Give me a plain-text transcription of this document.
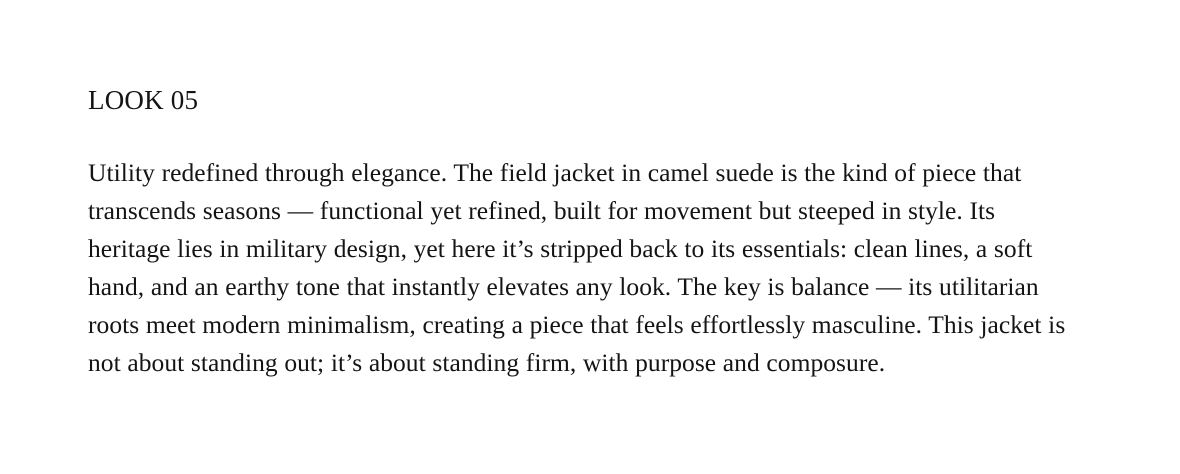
LOOK 05

Utility redefined through elegance. The field jacket in camel suede is the kind of piece that transcends seasons — functional yet refined, built for movement but steeped in style. Its heritage lies in military design, yet here it’s stripped back to its essentials: clean lines, a soft hand, and an earthy tone that instantly elevates any look. The key is balance — its utilitarian roots meet modern minimalism, creating a piece that feels effortlessly masculine. This jacket is not about standing out; it’s about standing firm, with purpose and composure.
